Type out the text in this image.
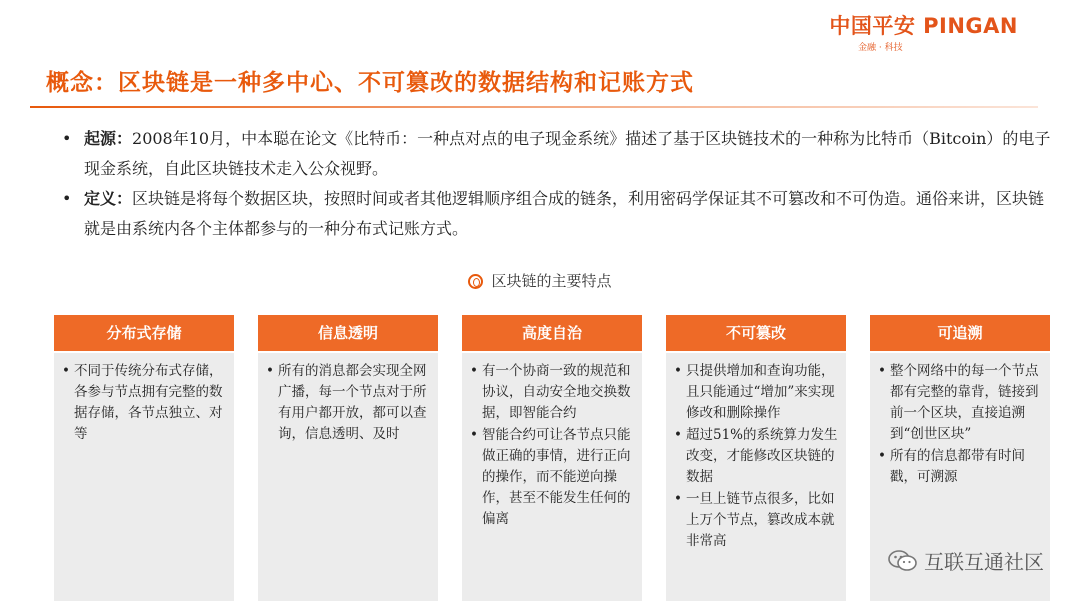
中国平安 PINGAN
金融 · 科技
概念：区块链是一种多中心、不可篡改的数据结构和记账方式
• 起源：2008年10月，中本聪在论文《比特币：一种点对点的电子现金系统》描述了基于区块链技术的一种称为比特币（Bitcoin）的电子现金系统，自此区块链技术走入公众视野。
• 定义：区块链是将每个数据区块，按照时间或者其他逻辑顺序组合成的链条，利用密码学保证其不可篡改和不可伪造。通俗来讲，区块链就是由系统内各个主体都参与的一种分布式记账方式。
区块链的主要特点
分布式存储
• 不同于传统分布式存储，各参与节点拥有完整的数据存储，各节点独立、对等
信息透明
• 所有的消息都会实现全网广播，每一个节点对于所有用户都开放，都可以查询，信息透明、及时
高度自治
• 有一个协商一致的规范和协议，自动安全地交换数据，即智能合约
• 智能合约可让各节点只能做正确的事情，进行正向的操作，而不能逆向操作，甚至不能发生任何的偏离
不可篡改
• 只提供增加和查询功能，且只能通过“增加”来实现修改和删除操作
• 超过51%的系统算力发生改变，才能修改区块链的数据
• 一旦上链节点很多，比如上万个节点，篡改成本就非常高
可追溯
• 整个网络中的每一个节点都有完整的靠背，链接到前一个区块，直接追溯到“创世区块”
• 所有的信息都带有时间戳，可溯源
互联互通社区
